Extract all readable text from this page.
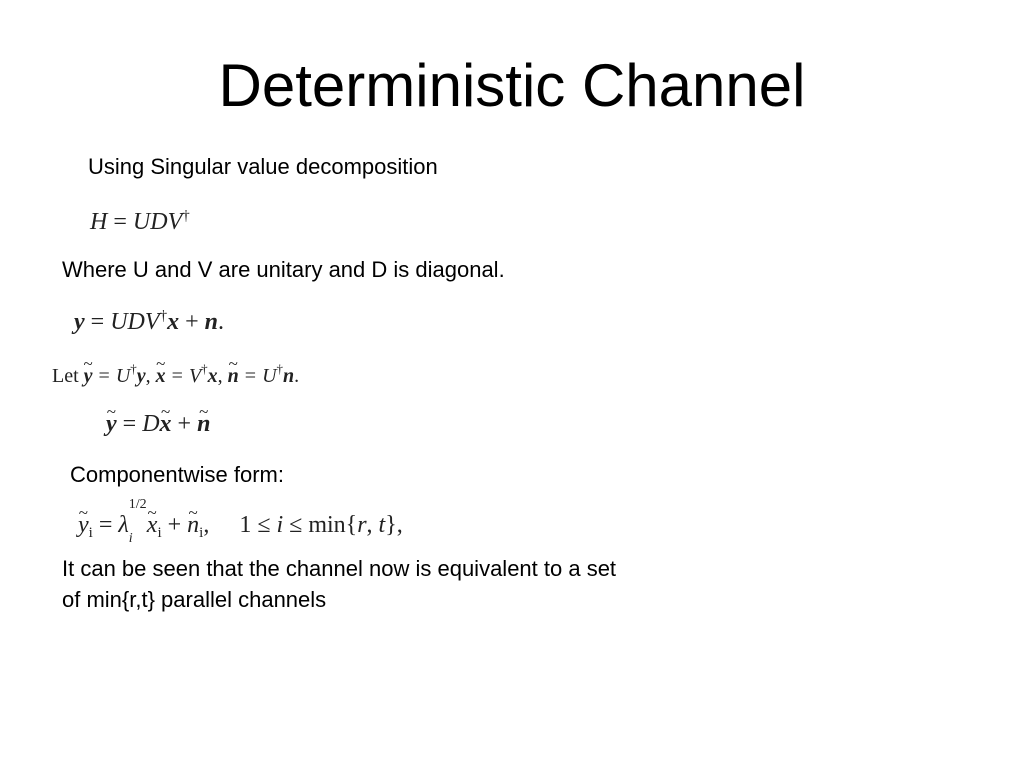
Deterministic Channel
Using Singular value decomposition
H = UDV†
Where U and V are unitary and D is diagonal.
y = UDV†x + n.
Let ~ y = U†y, ~ x = V†x, ~ n = U†n.
~ y = D~ x + ~ n
Componentwise form:
~ $y_i = \lambda$
1/2
i
~ $x_i$ + ~ $n_i$,     1 ≤ i ≤ min{r, t},
It can be seen that the channel now is equivalent to a set
of min{r,t} parallel channels
